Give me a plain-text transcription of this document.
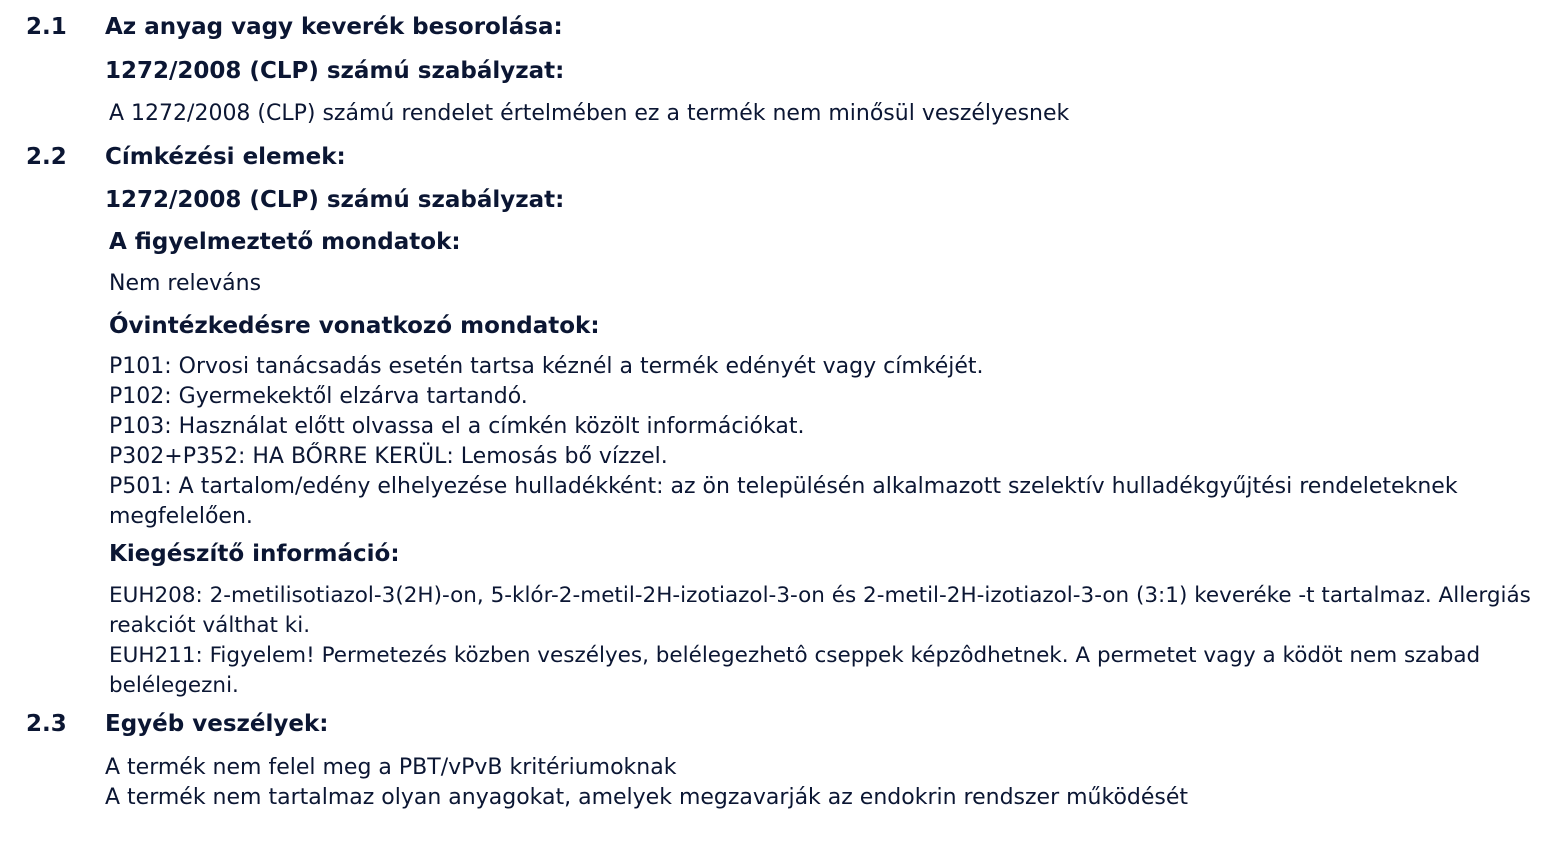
2.1 Az anyag vagy keverék besorolása:
1272/2008 (CLP) számú szabályzat:
A 1272/2008 (CLP) számú rendelet értelmében ez a termék nem minősül veszélyesnek
2.2 Címkézési elemek:
1272/2008 (CLP) számú szabályzat:
A figyelmeztető mondatok:
Nem releváns
Óvintézkedésre vonatkozó mondatok:
P101: Orvosi tanácsadás esetén tartsa kéznél a termék edényét vagy címkéjét.
P102: Gyermekektől elzárva tartandó.
P103: Használat előtt olvassa el a címkén közölt információkat.
P302+P352: HA BŐRRE KERÜL: Lemosás bő vízzel.
P501: A tartalom/edény elhelyezése hulladékként: az ön településén alkalmazott szelektív hulladékgyűjtési rendeleteknek
megfelelően.
Kiegészítő információ:
EUH208: 2-metilisotiazol-3(2H)-on, 5-klór-2-metil-2H-izotiazol-3-on és 2-metil-2H-izotiazol-3-on (3:1) keveréke -t tartalmaz. Allergiás
reakciót válthat ki.
EUH211: Figyelem! Permetezés közben veszélyes, belélegezhetô cseppek képzôdhetnek. A permetet vagy a ködöt nem szabad
belélegezni.
2.3 Egyéb veszélyek:
A termék nem felel meg a PBT/vPvB kritériumoknak
A termék nem tartalmaz olyan anyagokat, amelyek megzavarják az endokrin rendszer működését
